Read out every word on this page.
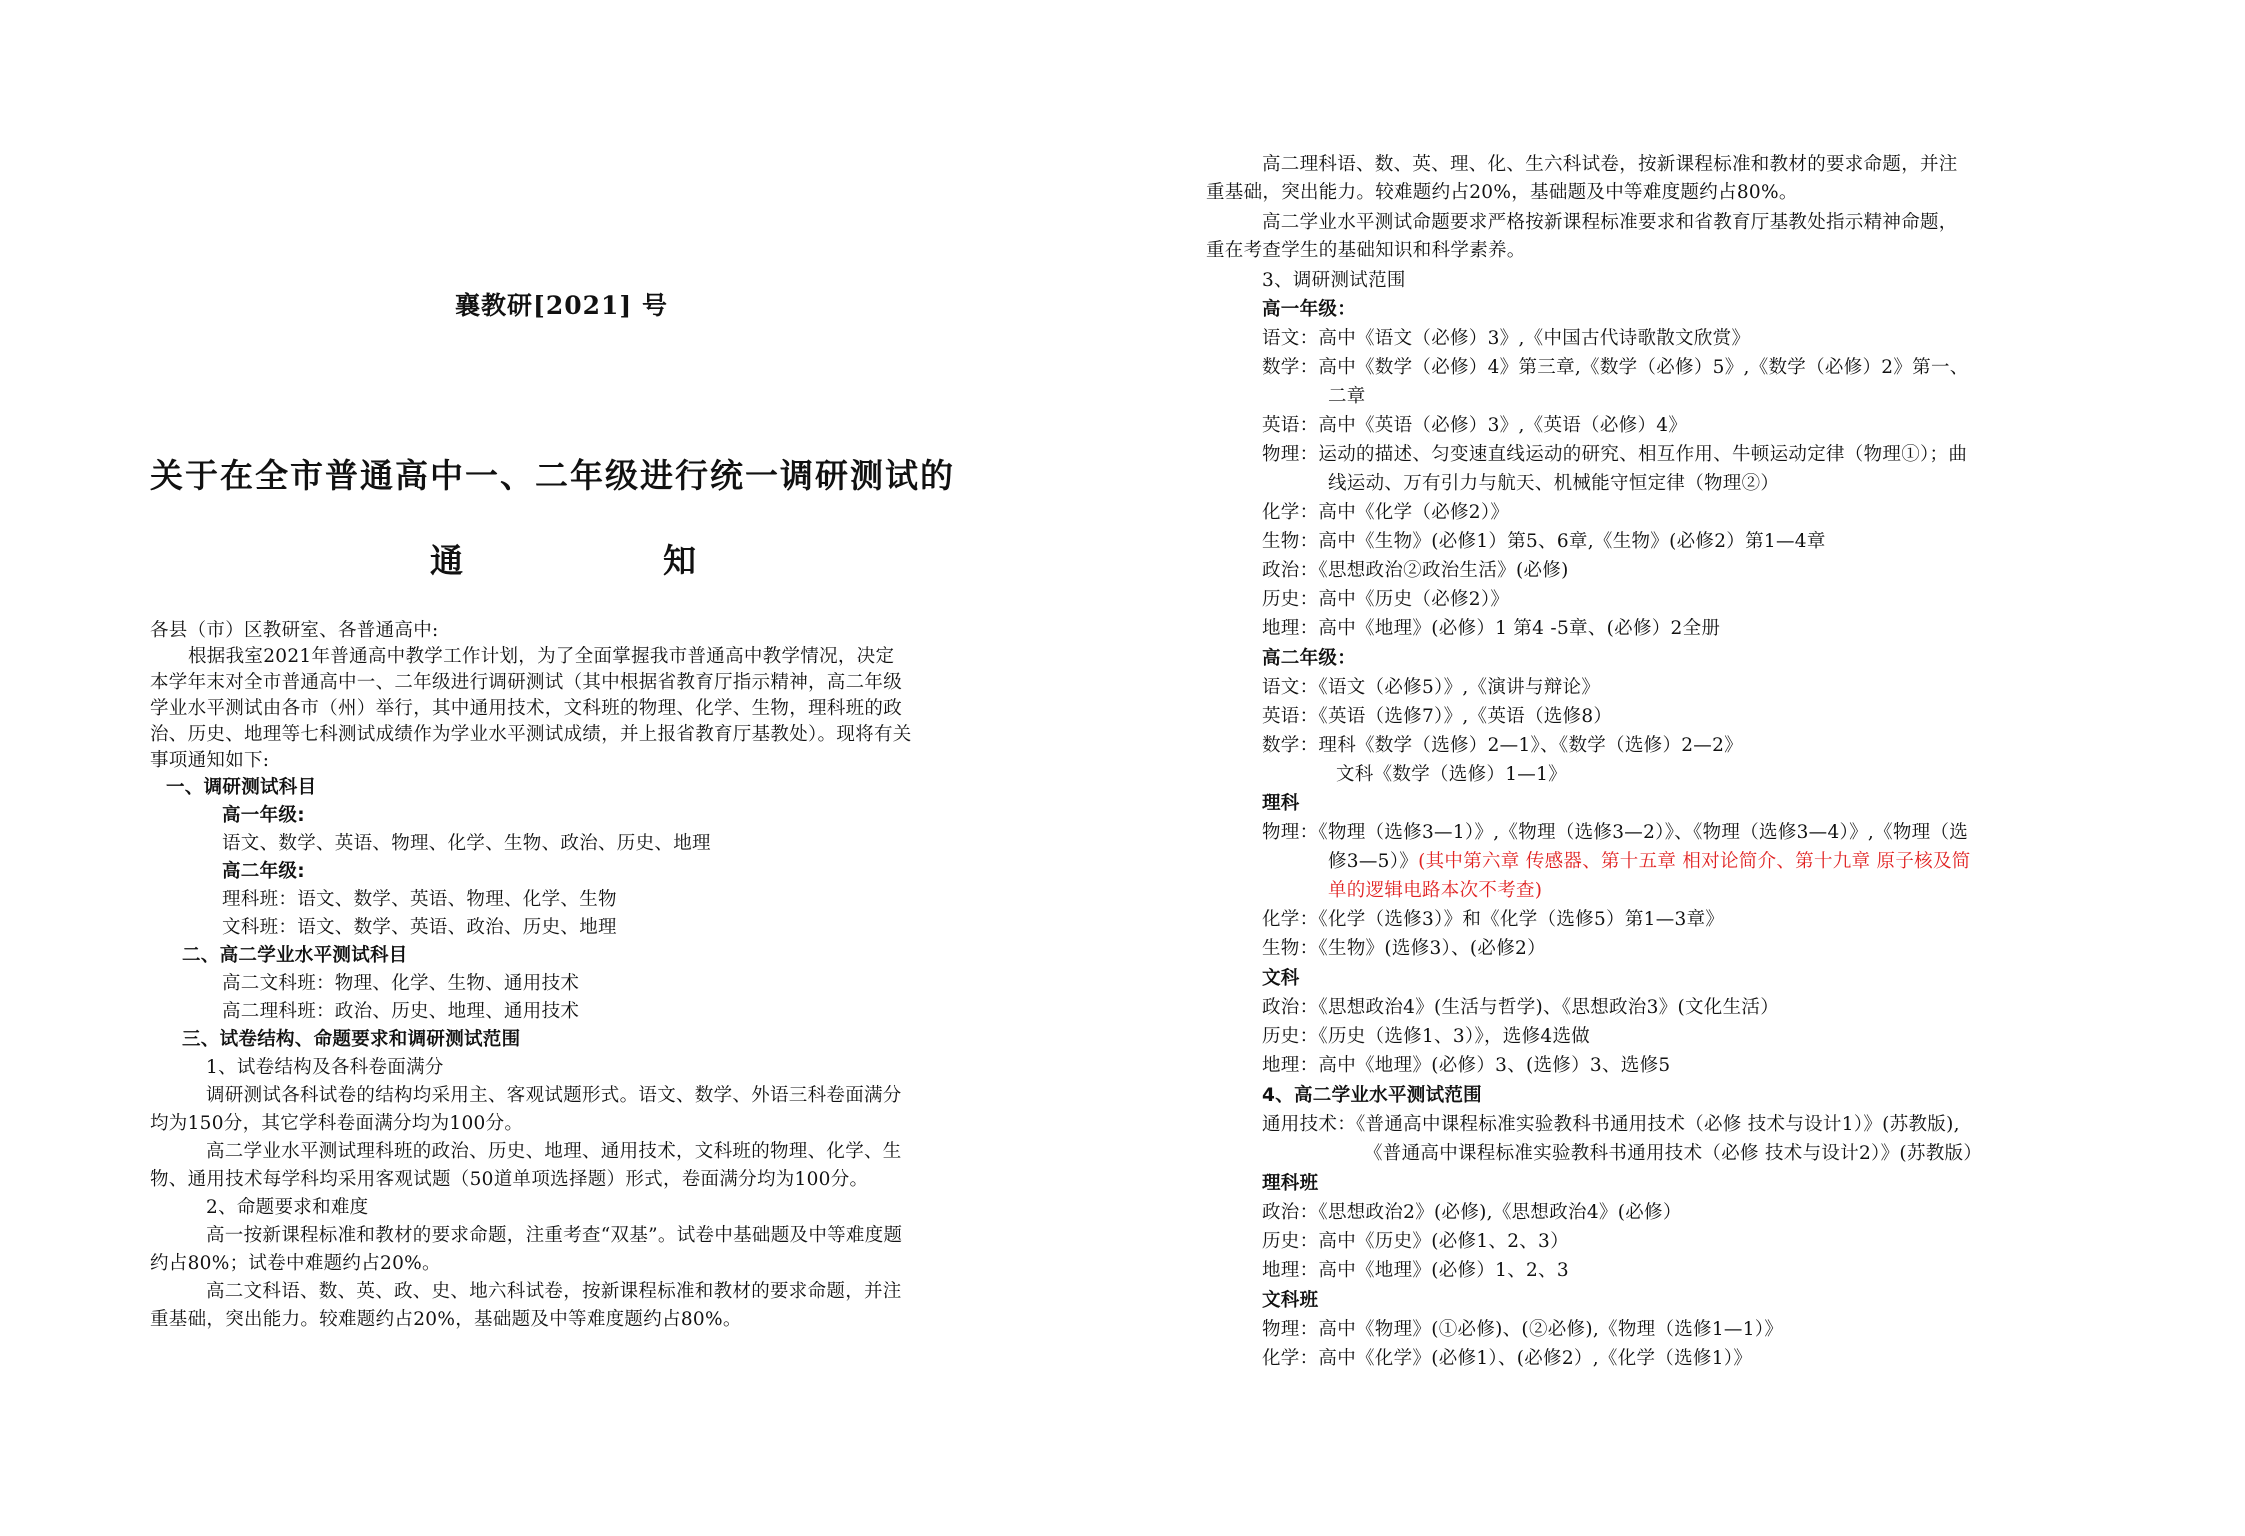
襄教研[2021] 号
关于在全市普通高中一、二年级进行统一调研测试的
通	知
各县（市）区教研室、各普通高中:
根据我室2021年普通高中教学工作计划，为了全面掌握我市普通高中教学情况，决定
本学年末对全市普通高中一、二年级进行调研测试（其中根据省教育厅指示精神，高二年级
学业水平测试由各市（州）举行，其中通用技术，文科班的物理、化学、生物，理科班的政
治、历史、地理等七科测试成绩作为学业水平测试成绩，并上报省教育厅基教处）。现将有关
事项通知如下:
一、调研测试科目
高一年级:
语文、数学、英语、物理、化学、生物、政治、历史、地理
高二年级:
理科班：语文、数学、英语、物理、化学、生物
文科班：语文、数学、英语、政治、历史、地理
二、高二学业水平测试科目
高二文科班：物理、化学、生物、通用技术
高二理科班：政治、历史、地理、通用技术
三、试卷结构、命题要求和调研测试范围
1、试卷结构及各科卷面满分
调研测试各科试卷的结构均采用主、客观试题形式。语文、数学、外语三科卷面满分
均为150分，其它学科卷面满分均为100分。
高二学业水平测试理科班的政治、历史、地理、通用技术，文科班的物理、化学、生
物、通用技术每学科均采用客观试题（50道单项选择题）形式，卷面满分均为100分。
2、命题要求和难度
高一按新课程标准和教材的要求命题，注重考查“双基”。试卷中基础题及中等难度题
约占80%；试卷中难题约占20%。
高二文科语、数、英、政、史、地六科试卷，按新课程标准和教材的要求命题，并注
重基础，突出能力。较难题约占20%，基础题及中等难度题约占80%。
高二理科语、数、英、理、化、生六科试卷，按新课程标准和教材的要求命题，并注
重基础，突出能力。较难题约占20%，基础题及中等难度题约占80%。
高二学业水平测试命题要求严格按新课程标准要求和省教育厅基教处指示精神命题，
重在考查学生的基础知识和科学素养。
3、调研测试范围
高一年级：
语文：高中《语文（必修）3》,《中国古代诗歌散文欣赏》
数学：高中《数学（必修）4》第三章,《数学（必修）5》,《数学（必修）2》第一、
二章
英语：高中《英语（必修）3》,《英语（必修）4》
物理：运动的描述、匀变速直线运动的研究、相互作用、牛顿运动定律（物理①）；曲
线运动、万有引力与航天、机械能守恒定律（物理②）
化学：高中《化学（必修2）》
生物：高中《生物》(必修1）第5、6章,《生物》(必修2）第1—4章
政治：《思想政治②政治生活》(必修)
历史：高中《历史（必修2）》
地理：高中《地理》(必修）1 第4 -5章、(必修）2全册
高二年级：
语文：《语文（必修5）》,《演讲与辩论》
英语：《英语（选修7）》,《英语（选修8）
数学：理科《数学（选修）2—1》、《数学（选修）2—2》
文科《数学（选修）1—1》
理科
物理：《物理（选修3—1）》,《物理（选修3—2）》、《物理（选修3—4）》,《物理（选
修3—5）》(其中第六章 传感器、第十五章 相对论简介、第十九章 原子核及简
单的逻辑电路本次不考查)
化学：《化学（选修3）》和《化学（选修5）第1—3章》
生物：《生物》(选修3）、(必修2）
文科
政治：《思想政治4》(生活与哲学)、《思想政治3》(文化生活）
历史：《历史（选修1、3）》，选修4选做
地理：高中《地理》(必修）3、(选修）3、选修5
4、高二学业水平测试范围
通用技术：《普通高中课程标准实验教科书通用技术（必修 技术与设计1）》(苏教版),
《普通高中课程标准实验教科书通用技术（必修 技术与设计2）》(苏教版）
理科班
政治：《思想政治2》(必修),《思想政治4》(必修）
历史：高中《历史》(必修1、2、3）
地理：高中《地理》(必修）1、2、3
文科班
物理：高中《物理》(①必修)、(②必修),《物理（选修1—1）》
化学：高中《化学》(必修1）、(必修2）,《化学（选修1）》
